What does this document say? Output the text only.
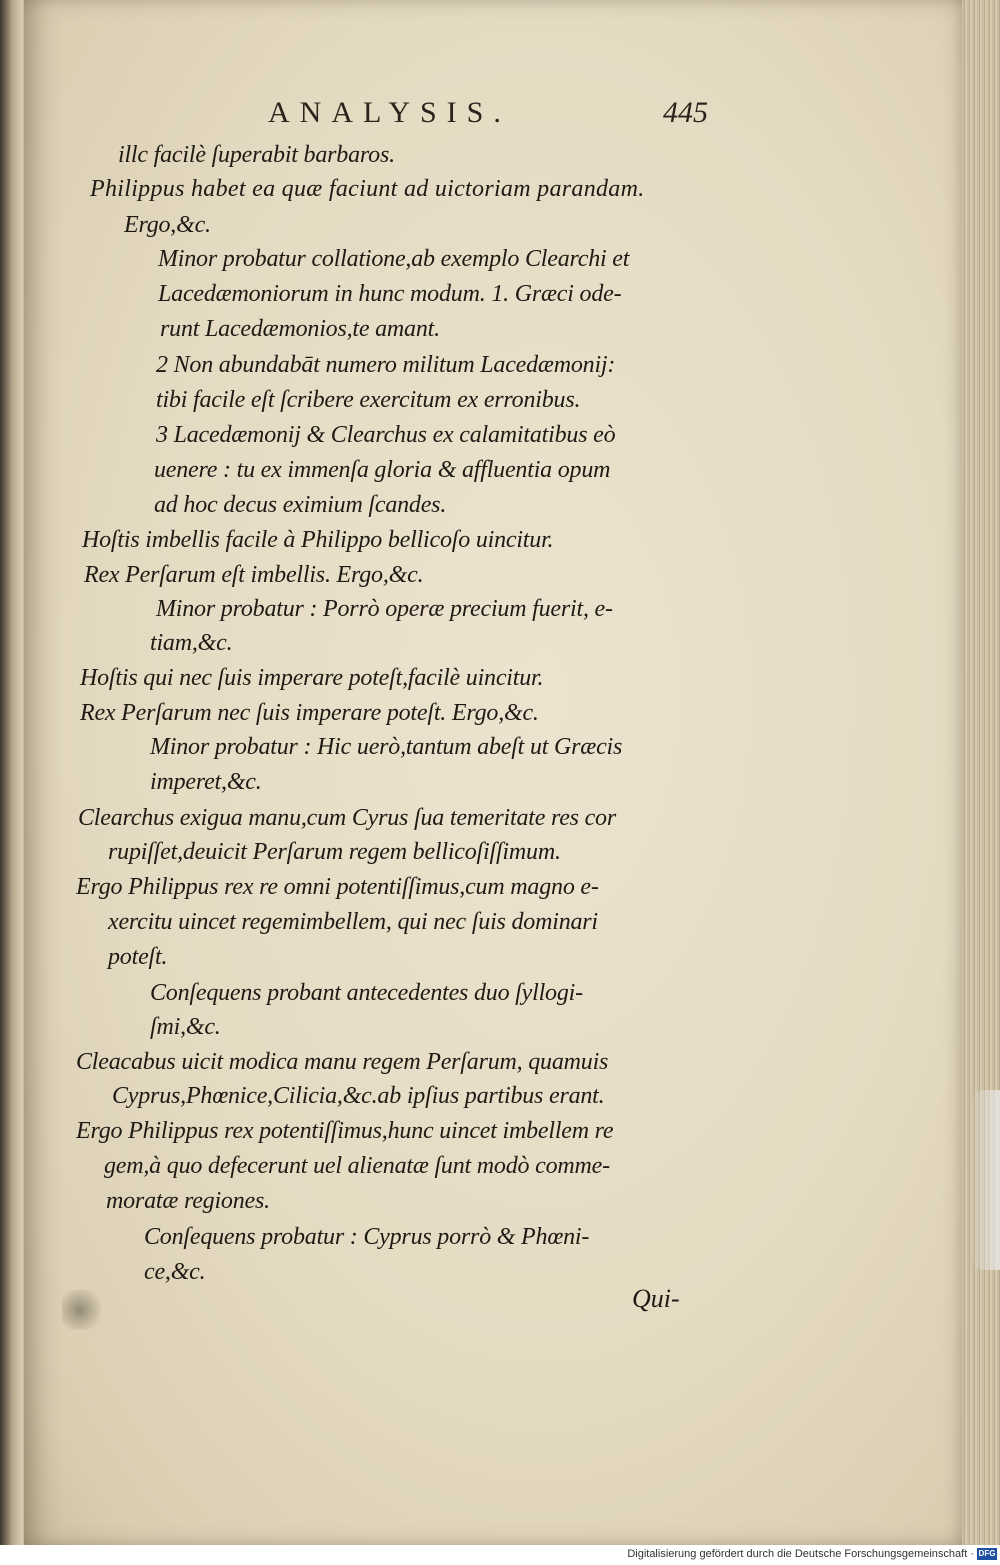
ANALYSIS.	445
illc facilè ſuperabit barbaros.
Philippus habet ea quæ faciunt ad uictoriam parandam.
Ergo,&c.
Minor probatur collatione,ab exemplo Clearchi et
Lacedæmoniorum in hunc modum. 1. Græci ode-
runt Lacedæmonios,te amant.
2 Non abundabāt numero militum Lacedæmonij:
tibi facile eſt ſcribere exercitum ex erronibus.
3 Lacedæmonij & Clearchus ex calamitatibus eò
uenere : tu ex immenſa gloria & affluentia opum
ad hoc decus eximium ſcandes.
Hoſtis imbellis facile à Philippo bellicoſo uincitur.
Rex Perſarum eſt imbellis. Ergo,&c.
Minor probatur : Porrò operæ precium fuerit, e-
tiam,&c.
Hoſtis qui nec ſuis imperare poteſt,facilè uincitur.
Rex Perſarum nec ſuis imperare poteſt. Ergo,&c.
Minor probatur : Hic uerò,tantum abeſt ut Græcis
imperet,&c.
Clearchus exigua manu,cum Cyrus ſua temeritate res cor
rupiſſet,deuicit Perſarum regem bellicoſiſſimum.
Ergo Philippus rex re omni potentiſſimus,cum magno e-
xercitu uincet regemimbellem, qui nec ſuis dominari
poteſt.
Conſequens probant antecedentes duo ſyllogi-
ſmi,&c.
Cleacabus uicit modica manu regem Perſarum, quamuis
Cyprus,Phœnice,Cilicia,&c.ab ipſius partibus erant.
Ergo Philippus rex potentiſſimus,hunc uincet imbellem re
gem,à quo defecerunt uel alienatæ ſunt modò comme-
moratæ regiones.
Conſequens probatur : Cyprus porrò & Phœni-
ce,&c.
Qui-
Digitalisierung gefördert durch die Deutsche Forschungsgemeinschaft · DFG
